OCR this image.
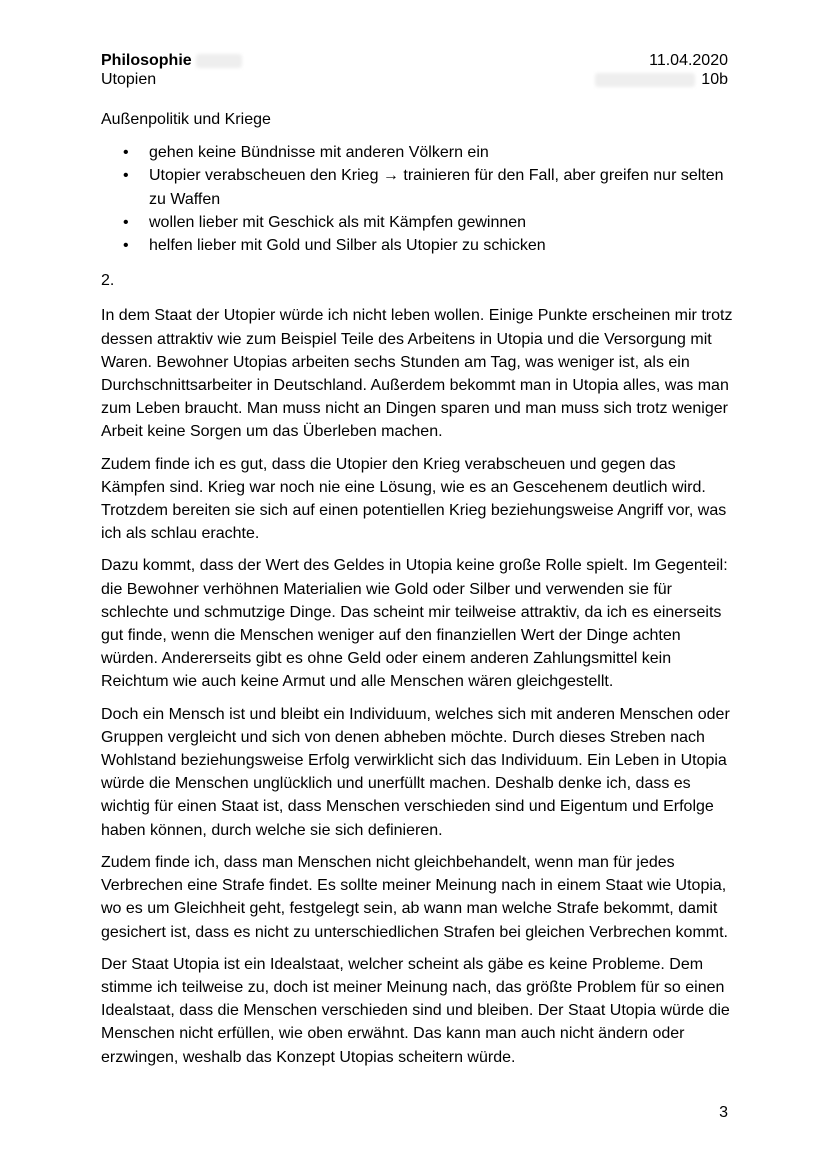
Philosophie	11.04.2020
Utopien	10b
Außenpolitik und Kriege
• gehen keine Bündnisse mit anderen Völkern ein
• Utopier verabscheuen den Krieg → trainieren für den Fall, aber greifen nur selten zu Waffen
• wollen lieber mit Geschick als mit Kämpfen gewinnen
• helfen lieber mit Gold und Silber als Utopier zu schicken
2.

In dem Staat der Utopier würde ich nicht leben wollen. Einige Punkte erscheinen mir trotz dessen attraktiv wie zum Beispiel Teile des Arbeitens in Utopia und die Versorgung mit Waren. Bewohner Utopias arbeiten sechs Stunden am Tag, was weniger ist, als ein Durchschnittsarbeiter in Deutschland. Außerdem bekommt man in Utopia alles, was man zum Leben braucht. Man muss nicht an Dingen sparen und man muss sich trotz weniger Arbeit keine Sorgen um das Überleben machen.

Zudem finde ich es gut, dass die Utopier den Krieg verabscheuen und gegen das Kämpfen sind. Krieg war noch nie eine Lösung, wie es an Gescehenem deutlich wird. Trotzdem bereiten sie sich auf einen potentiellen Krieg beziehungsweise Angriff vor, was ich als schlau erachte.

Dazu kommt, dass der Wert des Geldes in Utopia keine große Rolle spielt. Im Gegenteil: die Bewohner verhöhnen Materialien wie Gold oder Silber und verwenden sie für schlechte und schmutzige Dinge. Das scheint mir teilweise attraktiv, da ich es einerseits gut finde, wenn die Menschen weniger auf den finanziellen Wert der Dinge achten würden. Andererseits gibt es ohne Geld oder einem anderen Zahlungsmittel kein Reichtum wie auch keine Armut und alle Menschen wären gleichgestellt.

Doch ein Mensch ist und bleibt ein Individuum, welches sich mit anderen Menschen oder Gruppen vergleicht und sich von denen abheben möchte. Durch dieses Streben nach Wohlstand beziehungsweise Erfolg verwirklicht sich das Individuum. Ein Leben in Utopia würde die Menschen unglücklich und unerfüllt machen. Deshalb denke ich, dass es wichtig für einen Staat ist, dass Menschen verschieden sind und Eigentum und Erfolge haben können, durch welche sie sich definieren.

Zudem finde ich, dass man Menschen nicht gleichbehandelt, wenn man für jedes Verbrechen eine Strafe findet. Es sollte meiner Meinung nach in einem Staat wie Utopia, wo es um Gleichheit geht, festgelegt sein, ab wann man welche Strafe bekommt, damit gesichert ist, dass es nicht zu unterschiedlichen Strafen bei gleichen Verbrechen kommt.

Der Staat Utopia ist ein Idealstaat, welcher scheint als gäbe es keine Probleme. Dem stimme ich teilweise zu, doch ist meiner Meinung nach, das größte Problem für so einen Idealstaat, dass die Menschen verschieden sind und bleiben. Der Staat Utopia würde die Menschen nicht erfüllen, wie oben erwähnt. Das kann man auch nicht ändern oder erzwingen, weshalb das Konzept Utopias scheitern würde.

3
